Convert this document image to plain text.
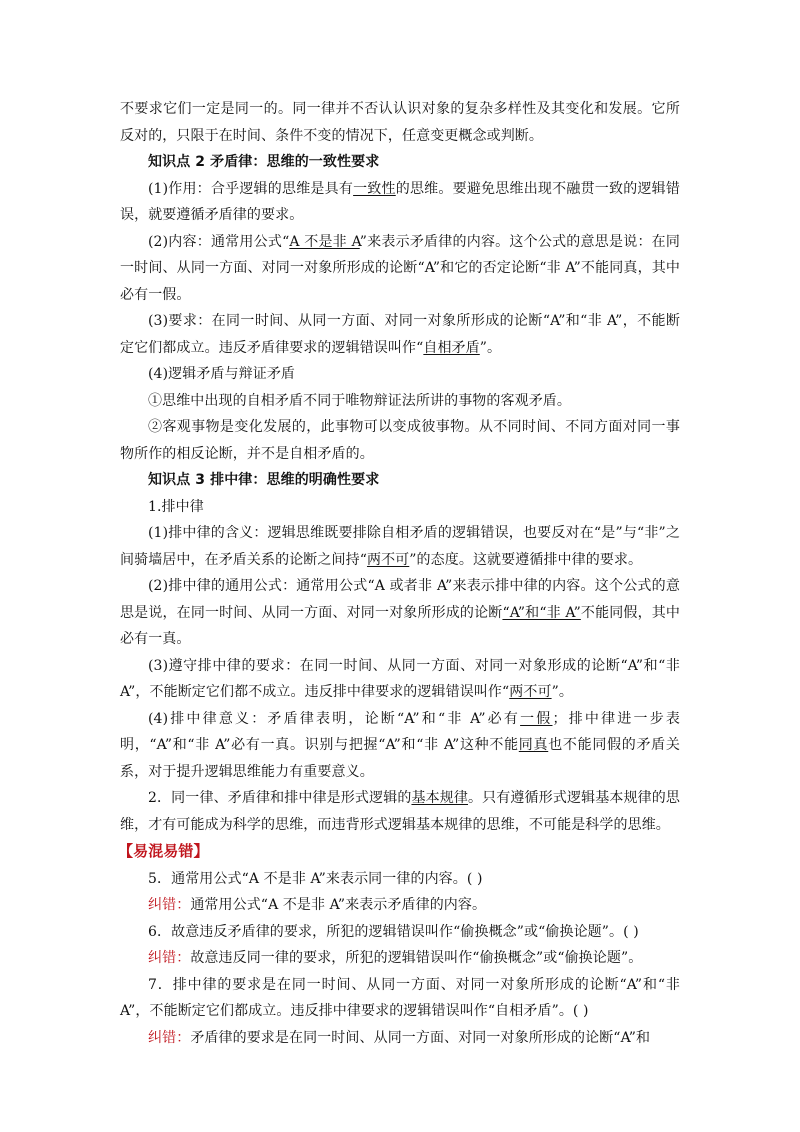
不要求它们一定是同一的。同一律并不否认认识对象的复杂多样性及其变化和发展。它所反对的，只限于在时间、条件不变的情况下，任意变更概念或判断。

知识点 2 矛盾律：思维的一致性要求

(1)作用：合乎逻辑的思维是具有一致性的思维。要避免思维出现不融贯一致的逻辑错误，就要遵循矛盾律的要求。

(2)内容：通常用公式“A 不是非 A”来表示矛盾律的内容。这个公式的意思是说：在同一时间、从同一方面、对同一对象所形成的论断“A”和它的否定论断“非 A”不能同真，其中必有一假。

(3)要求：在同一时间、从同一方面、对同一对象所形成的论断“A”和“非 A”，不能断定它们都成立。违反矛盾律要求的逻辑错误叫作“自相矛盾”。

(4)逻辑矛盾与辩证矛盾

①思维中出现的自相矛盾不同于唯物辩证法所讲的事物的客观矛盾。

②客观事物是变化发展的，此事物可以变成彼事物。从不同时间、不同方面对同一事物所作的相反论断，并不是自相矛盾的。

知识点 3 排中律：思维的明确性要求

1.排中律

(1)排中律的含义：逻辑思维既要排除自相矛盾的逻辑错误，也要反对在“是”与“非”之间骑墙居中，在矛盾关系的论断之间持“两不可”的态度。这就要遵循排中律的要求。

(2)排中律的通用公式：通常用公式“A 或者非 A”来表示排中律的内容。这个公式的意思是说，在同一时间、从同一方面、对同一对象所形成的论断“A”和“非 A”不能同假，其中必有一真。

(3)遵守排中律的要求：在同一时间、从同一方面、对同一对象形成的论断“A”和“非 A”，不能断定它们都不成立。违反排中律要求的逻辑错误叫作“两不可”。

(4)排中律意义：矛盾律表明，论断“A”和“非 A”必有一假；排中律进一步表明，“A”和“非 A”必有一真。识别与把握“A”和“非 A”这种不能同真也不能同假的矛盾关系，对于提升逻辑思维能力有重要意义。

2．同一律、矛盾律和排中律是形式逻辑的基本规律。只有遵循形式逻辑基本规律的思维，才有可能成为科学的思维，而违背形式逻辑基本规律的思维，不可能是科学的思维。

【易混易错】

5．通常用公式“A 不是非 A”来表示同一律的内容。( )

纠错：通常用公式“A 不是非 A”来表示矛盾律的内容。

6．故意违反矛盾律的要求，所犯的逻辑错误叫作“偷换概念”或“偷换论题”。( )

纠错：故意违反同一律的要求，所犯的逻辑错误叫作“偷换概念”或“偷换论题”。

7．排中律的要求是在同一时间、从同一方面、对同一对象所形成的论断“A”和“非 A”，不能断定它们都成立。违反排中律要求的逻辑错误叫作“自相矛盾”。( )

纠错：矛盾律的要求是在同一时间、从同一方面、对同一对象所形成的论断“A”和
